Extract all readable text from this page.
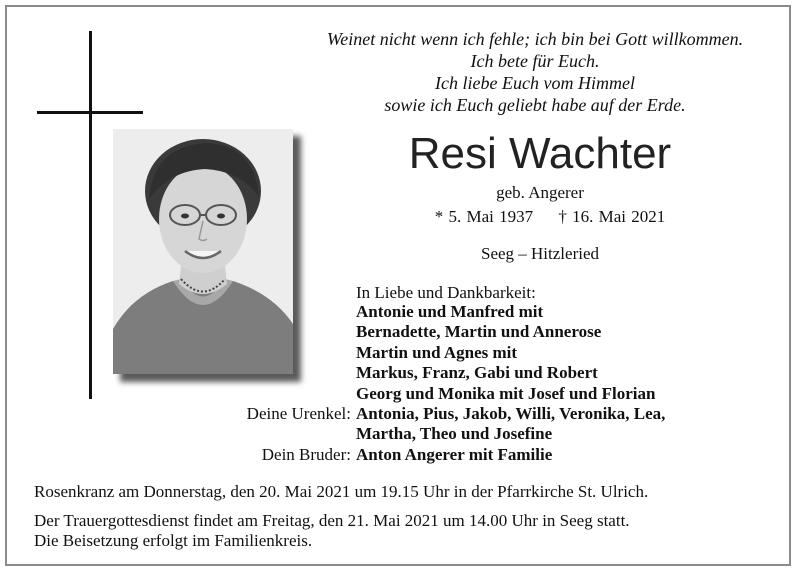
Weinet nicht wenn ich fehle; ich bin bei Gott willkommen.
Ich bete für Euch.
Ich liebe Euch vom Himmel
sowie ich Euch geliebt habe auf der Erde.
Resi Wachter
geb. Angerer
* 5. Mai 1937 † 16. Mai 2021
Seeg – Hitzleried
In Liebe und Dankbarkeit:
Antonie und Manfred mit
Bernadette, Martin und Annerose
Martin und Agnes mit
Markus, Franz, Gabi und Robert
Georg und Monika mit Josef und Florian
Antonia, Pius, Jakob, Willi, Veronika, Lea,
Martha, Theo und Josefine
Anton Angerer mit Familie
Deine Urenkel:
Dein Bruder:
Rosenkranz am Donnerstag, den 20. Mai 2021 um 19.15 Uhr in der Pfarrkirche St. Ulrich.
Der Trauergottesdienst findet am Freitag, den 21. Mai 2021 um 14.00 Uhr in Seeg statt.
Die Beisetzung erfolgt im Familienkreis.
